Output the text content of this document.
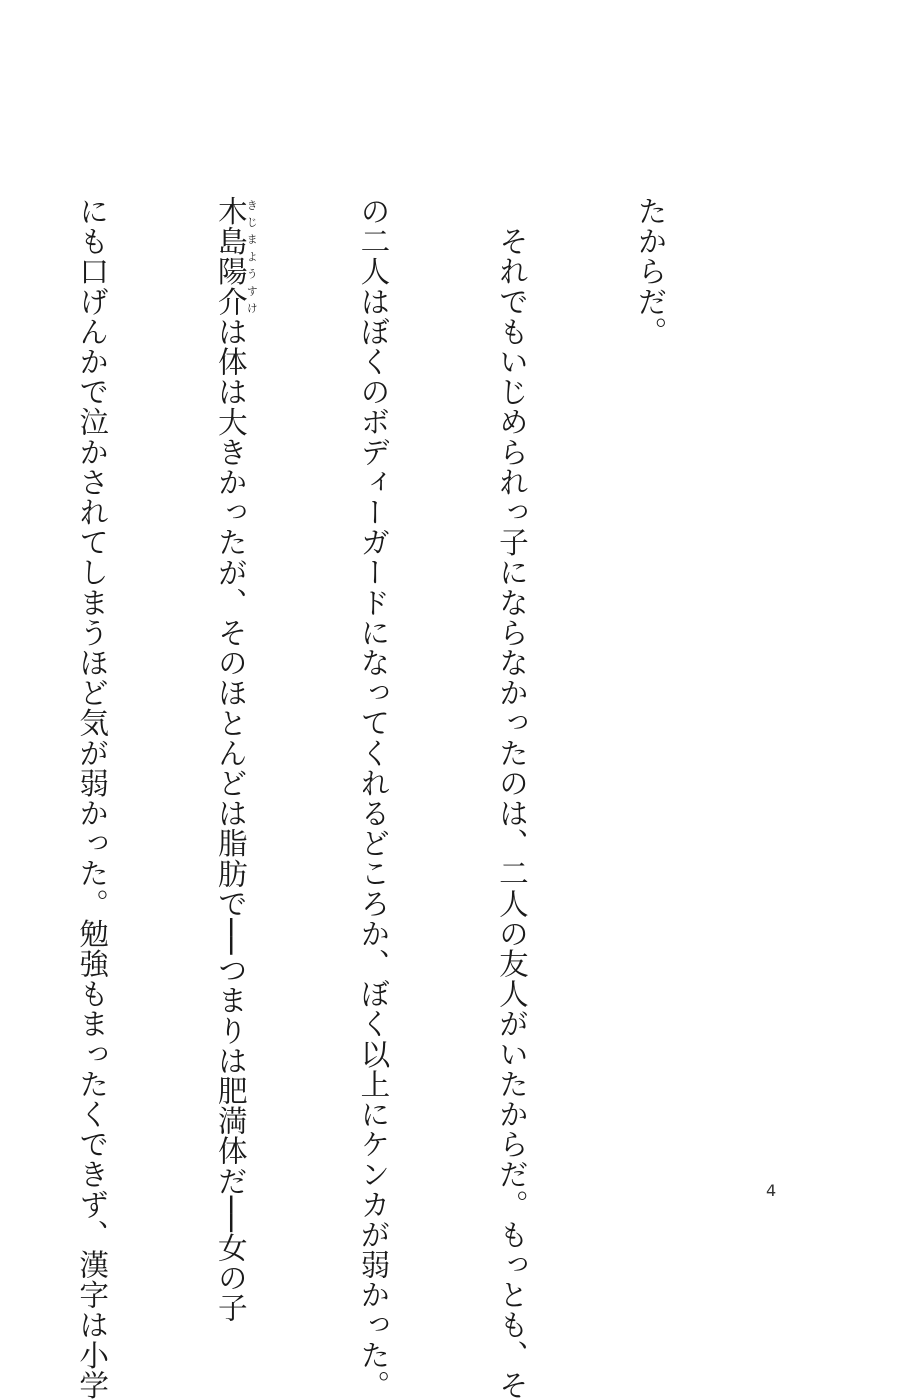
たからだ。

　それでもいじめられっ子にならなかったのは、二人の友人がいたからだ。もっとも、そ

の二人はぼくのボディーガードになってくれるどころか、ぼく以上にケンカが弱かった。

木島陽介きじまようすけは体は大きかったが、そのほとんどは脂肪で──つまりは肥満体だ──女の子

にも口げんかで泣かされてしまうほど気が弱かった。勉強もまったくできず、漢字は小学

	4
